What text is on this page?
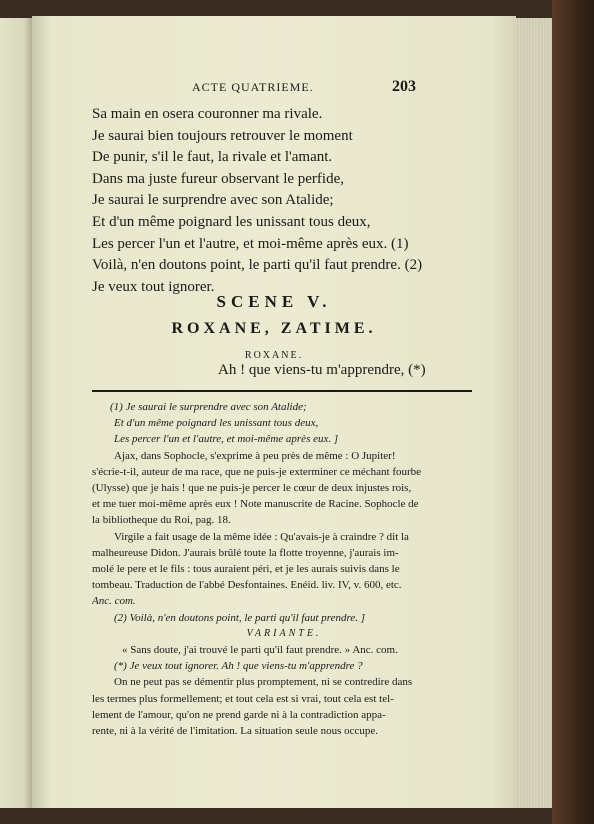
ACTE QUATRIEME.	203
Sa main en osera couronner ma rivale.
Je saurai bien toujours retrouver le moment
De punir, s'il le faut, la rivale et l'amant.
Dans ma juste fureur observant le perfide,
Je saurai le surprendre avec son Atalide;
Et d'un même poignard les unissant tous deux,
Les percer l'un et l'autre, et moi-même après eux. (1)
Voilà, n'en doutons point, le parti qu'il faut prendre. (2)
Je veux tout ignorer.
SCENE V.
ROXANE, ZATIME.
ROXANE.
Ah ! que viens-tu m'apprendre, (*)
(1) Je saurai le surprendre avec son Atalide;
Et d'un même poignard les unissant tous deux,
Les percer l'un et l'autre, et moi-même après eux. ]
Ajax, dans Sophocle, s'exprime à peu près de même : O Jupiter!
s'écrie-t-il, auteur de ma race, que ne puis-je exterminer ce méchant fourbe
(Ulysse) que je hais ! que ne puis-je percer le cœur de deux injustes rois,
et me tuer moi-même après eux ! Note manuscrite de Racine. Sophocle de
la bibliotheque du Roi, pag. 18.
Virgile a fait usage de la même idée : Qu'avais-je à craindre ? dit la
malheureuse Didon. J'aurais brûlé toute la flotte troyenne, j'aurais im-
molé le pere et le fils : tous auraient péri, et je les aurais suivis dans le
tombeau. Traduction de l'abbé Desfontaines. Enéid. liv. IV, v. 600, etc.
Anc. com.
(2) Voilà, n'en doutons point, le parti qu'il faut prendre. ]
VARIANTE.
« Sans doute, j'ai trouvé le parti qu'il faut prendre. » Anc. com.
(*) Je veux tout ignorer. Ah ! que viens-tu m'apprendre ?
On ne peut pas se démentir plus promptement, ni se contredire dans
les termes plus formellement; et tout cela est si vrai, tout cela est tel-
lement de l'amour, qu'on ne prend garde ni à la contradiction appa-
rente, ni à la vérité de l'imitation. La situation seule nous occupe.
